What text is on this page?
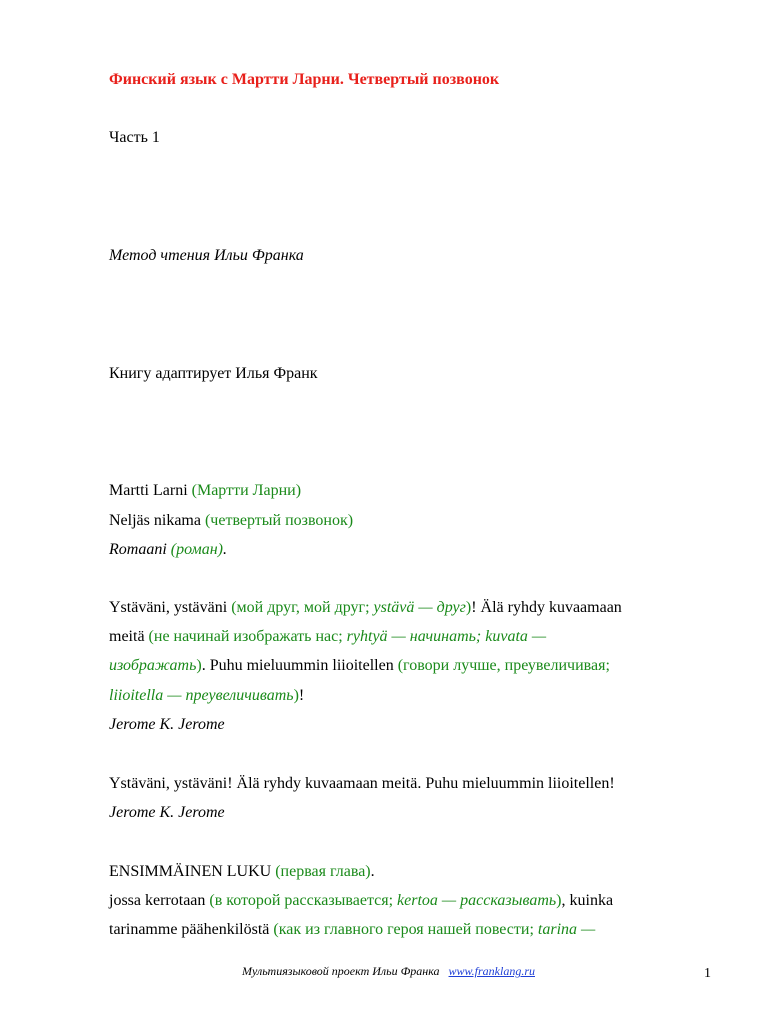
Финский язык с Мартти Ларни. Четвертый позвонок
Часть 1
Метод чтения Ильи Франка
Книгу адаптирует Илья Франк
Martti Larni (Мартти Ларни)
Neljäs nikama (четвертый позвонок)
Romaani (роман).
Ystäväni, ystäväni (мой друг, мой друг; ystävä — друг)! Älä ryhdy kuvaamaan
meitä (не начинай изображать нас; ryhtyä — начинать; kuvata —
изображать). Puhu mieluummin liioitellen (говори лучше, преувеличивая;
liioitella — преувеличивать)!
Jerome K. Jerome
Ystäväni, ystäväni! Älä ryhdy kuvaamaan meitä. Puhu mieluummin liioitellen!
Jerome K. Jerome
ENSIMMÄINEN LUKU (первая глава).
jossa kerrotaan (в которой рассказывается; kertoa — рассказывать), kuinka
tarinamme päähenkilöstä (как из главного героя нашей повести; tarina —
Мультиязыковой проект Ильи Франка www.franklang.ru	1
